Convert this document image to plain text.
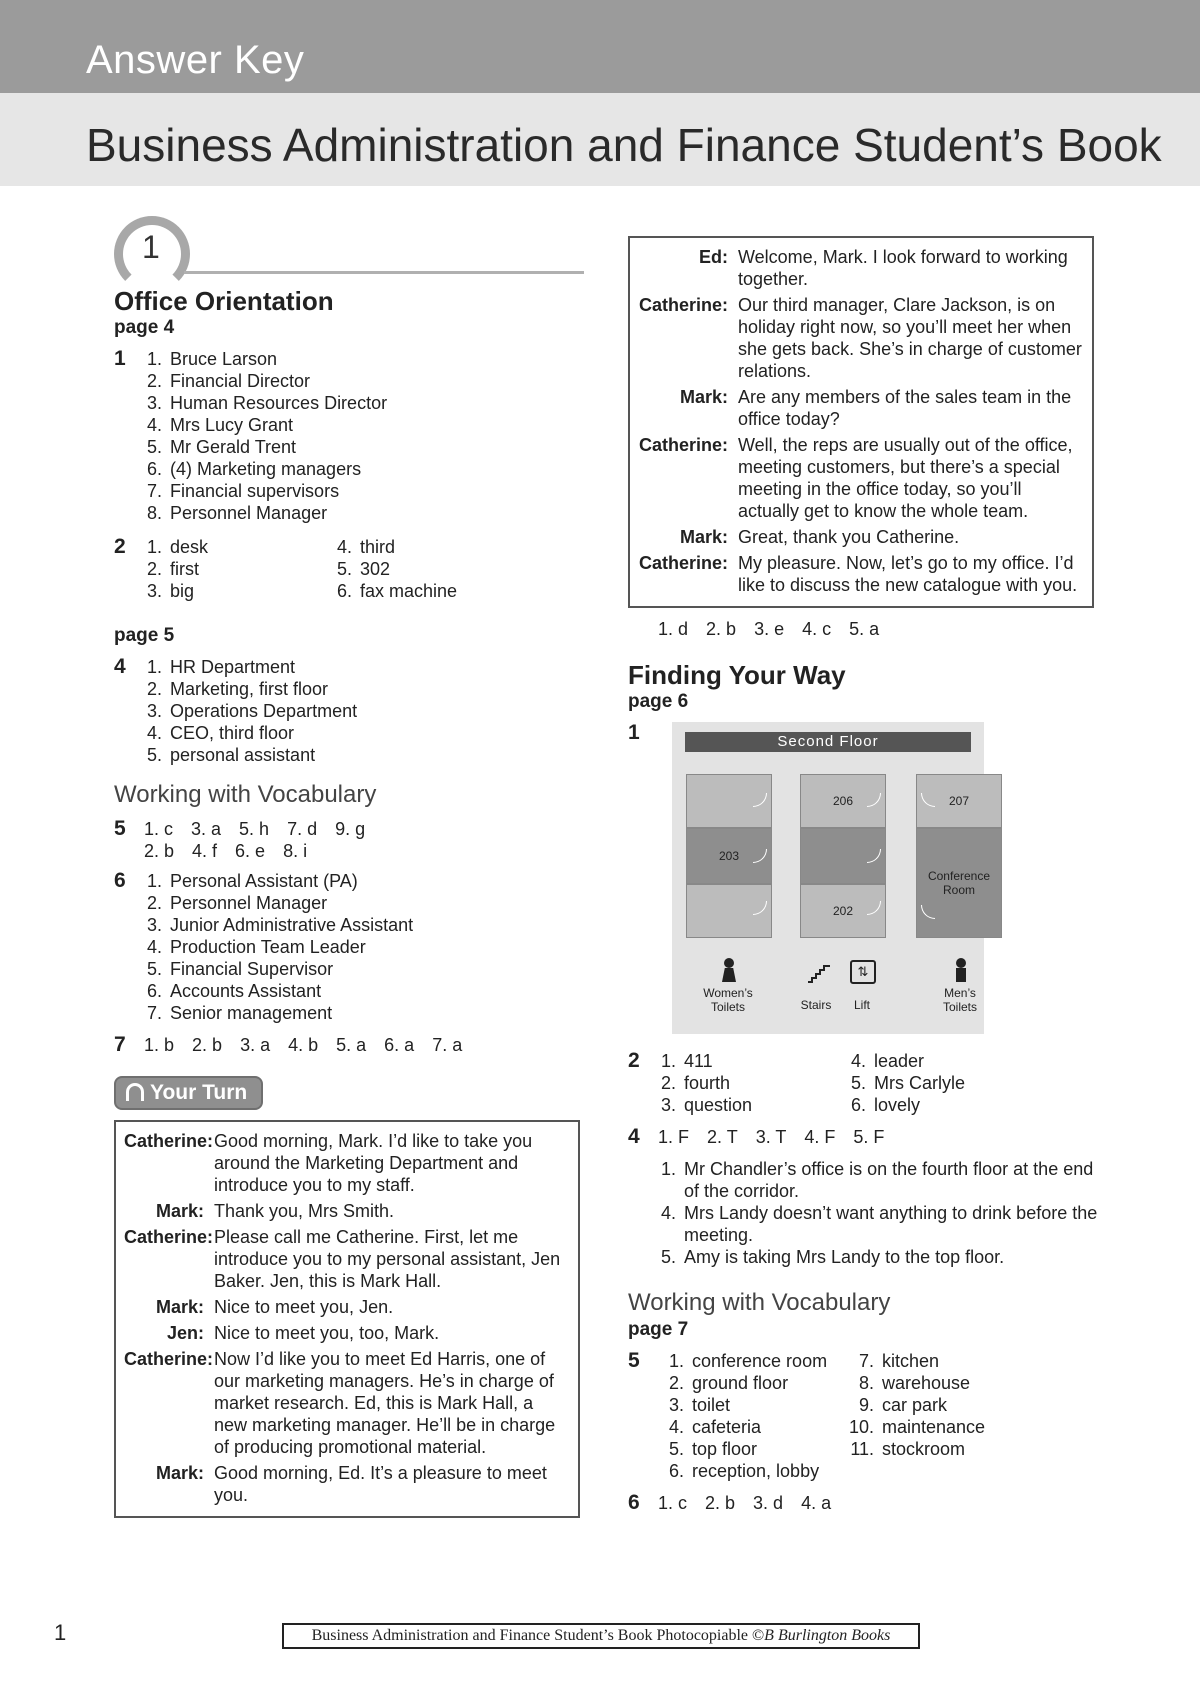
Answer Key
Business Administration and Finance Student’s Book
1
Office Orientation
page 4
1	1. Bruce Larson
2. Financial Director
3. Human Resources Director
4. Mrs Lucy Grant
5. Mr Gerald Trent
6. (4) Marketing managers
7. Financial supervisors
8. Personnel Manager
2	1. desk
2. first
3. big
4. third
5. 302
6. fax machine
page 5
4	1. HR Department
2. Marketing, first floor
3. Operations Department
4. CEO, third floor
5. personal assistant
Working with Vocabulary
5	1. c 3. a 5. h 7. d 9. g
2. b 4. f 6. e 8. i
6	1. Personal Assistant (PA)
2. Personnel Manager
3. Junior Administrative Assistant
4. Production Team Leader
5. Financial Supervisor
6. Accounts Assistant
7. Senior management
7	1. b 2. b 3. a 4. b 5. a 6. a 7. a
Your Turn
Catherine: Good morning, Mark. I’d like to take you around the Marketing Department and introduce you to my staff.
Mark: Thank you, Mrs Smith.
Catherine: Please call me Catherine. First, let me introduce you to my personal assistant, Jen Baker. Jen, this is Mark Hall.
Mark: Nice to meet you, Jen.
Jen: Nice to meet you, too, Mark.
Catherine: Now I’d like you to meet Ed Harris, one of our marketing managers. He’s in charge of market research. Ed, this is Mark Hall, a new marketing manager. He’ll be in charge of producing promotional material.
Mark: Good morning, Ed. It’s a pleasure to meet you.
Ed: Welcome, Mark. I look forward to working together.
Catherine: Our third manager, Clare Jackson, is on holiday right now, so you’ll meet her when she gets back. She’s in charge of customer relations.
Mark: Are any members of the sales team in the office today?
Catherine: Well, the reps are usually out of the office, meeting customers, but there’s a special meeting in the office today, so you’ll actually get to know the whole team.
Mark: Great, thank you Catherine.
Catherine: My pleasure. Now, let’s go to my office. I’d like to discuss the new catalogue with you.
1. d 2. b 3. e 4. c 5. a
Finding Your Way
page 6
1	Second Floor
203
206
202
207
Conference Room
Women’s Toilets	Stairs
⇅
Lift
Men’s Toilets
2	1. 411
2. fourth
3. question
4. leader
5. Mrs Carlyle
6. lovely
4	1. F 2. T 3. T 4. F 5. F
1. Mr Chandler’s office is on the fourth floor at the end of the corridor.
4. Mrs Landy doesn’t want anything to drink before the meeting.
5. Amy is taking Mrs Landy to the top floor.
Working with Vocabulary
page 7
5	1. conference room
2. ground floor
3. toilet
4. cafeteria
5. top floor
6. reception, lobby
7. kitchen
8. warehouse
9. car park
10. maintenance
11. stockroom
6	1. c 2. b 3. d 4. a
1	Business Administration and Finance Student’s Book Photocopiable ©B Burlington Books
